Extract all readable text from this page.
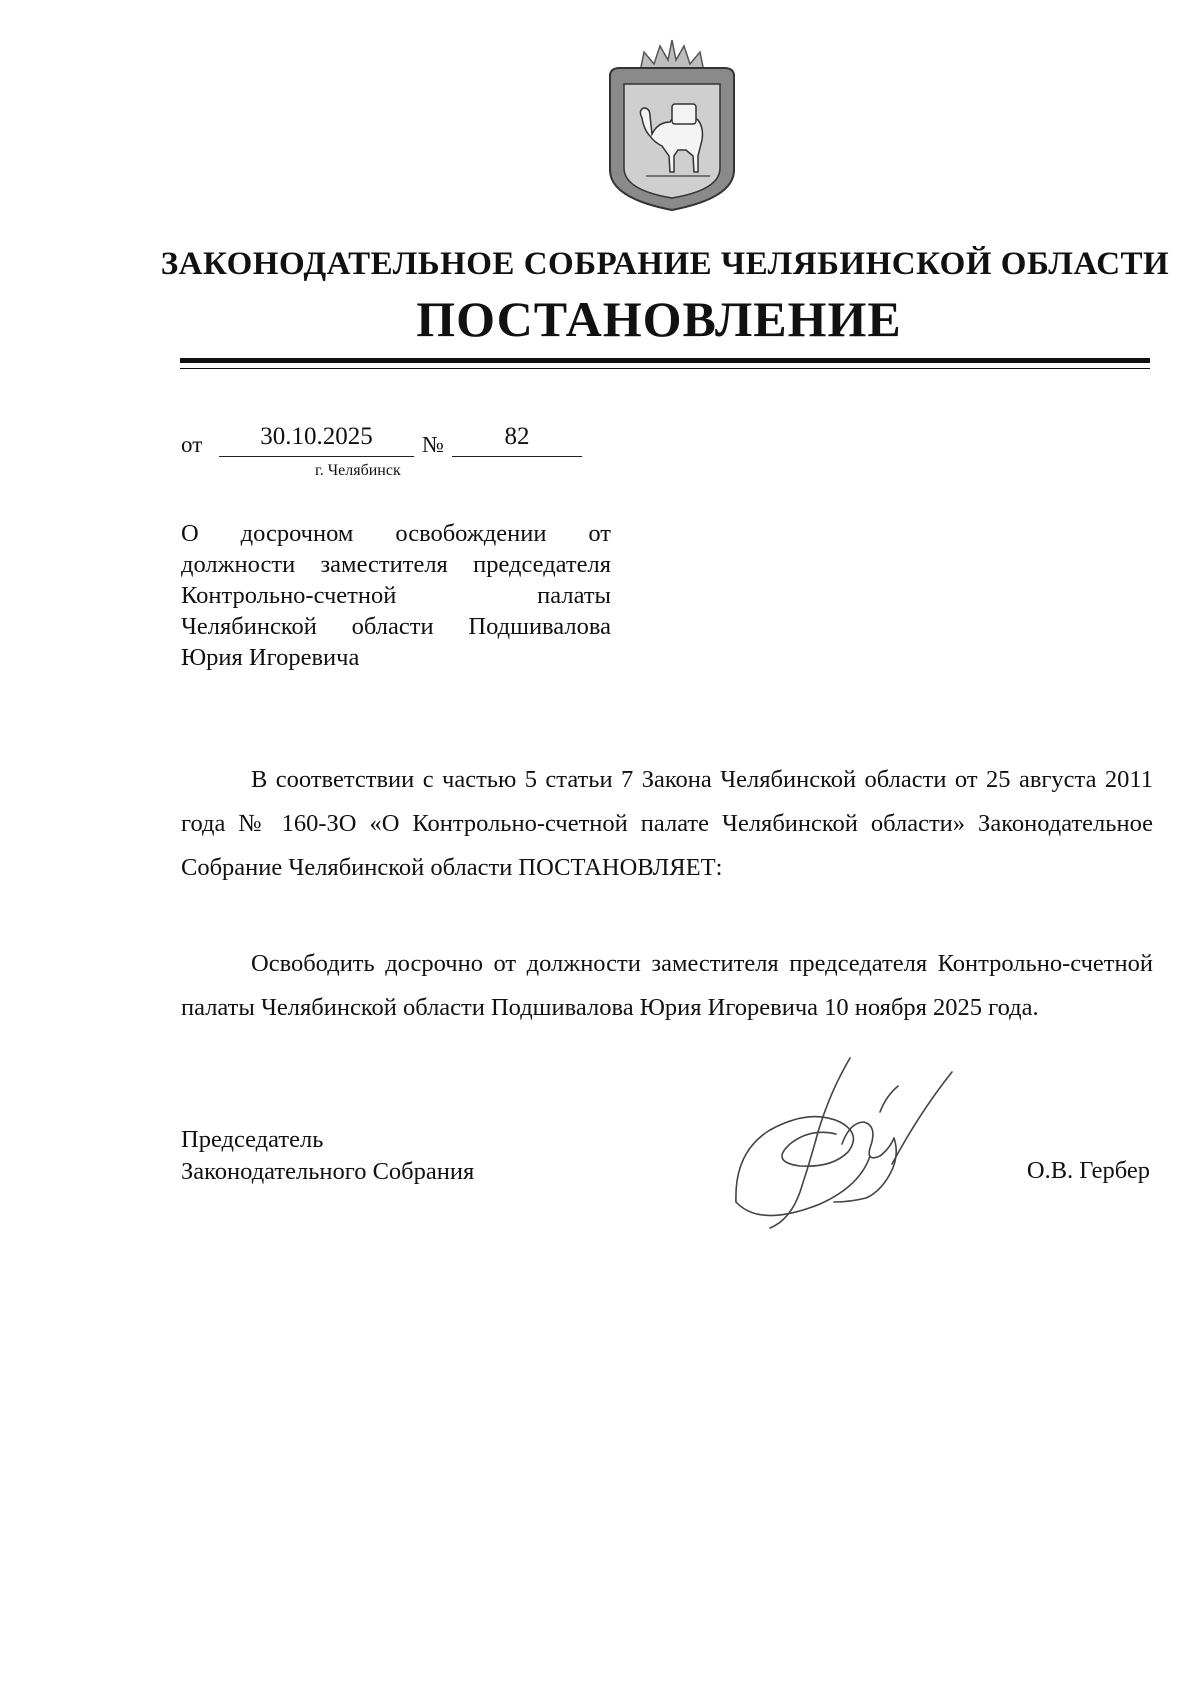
ЗАКОНОДАТЕЛЬНОЕ СОБРАНИЕ ЧЕЛЯБИНСКОЙ ОБЛАСТИ
ПОСТАНОВЛЕНИЕ
от	30.10.2025	№	82
г. Челябинск
О досрочном освобождении от должности заместителя председателя Контрольно-счетной палаты Челябинской области Подшивалова Юрия Игоревича

В соответствии с частью 5 статьи 7 Закона Челябинской области от 25 августа 2011 года № 160-ЗО «О Контрольно-счетной палате Челябинской области» Законодательное Собрание Челябинской области ПОСТАНОВЛЯЕТ:

Освободить досрочно от должности заместителя председателя Контрольно-счетной палаты Челябинской области Подшивалова Юрия Игоревича 10 ноября 2025 года.

Председатель
Законодательного Собрания	О.В. Гербер
